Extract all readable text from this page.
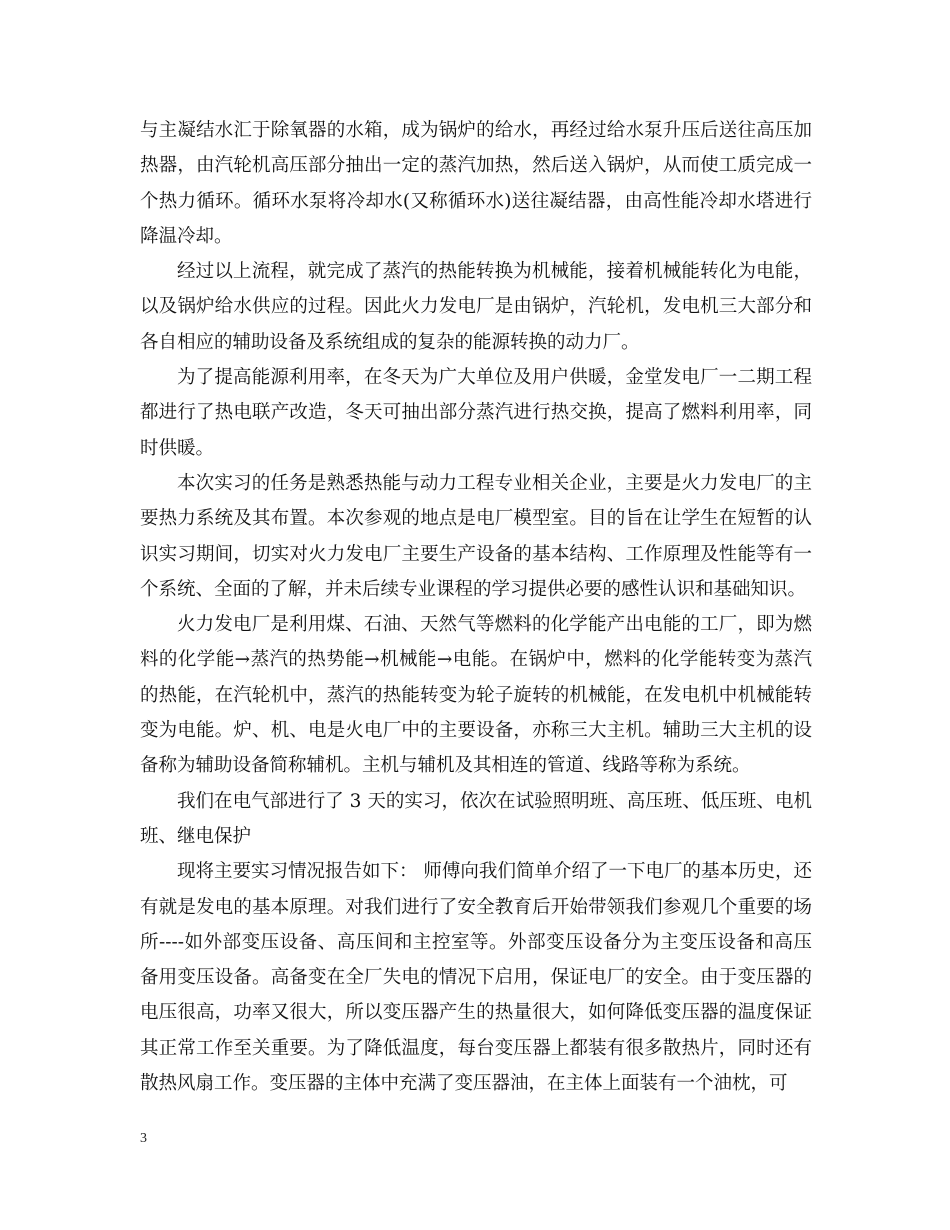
与主凝结水汇于除氧器的水箱，成为锅炉的给水，再经过给水泵升压后送往高压加热器，由汽轮机高压部分抽出一定的蒸汽加热，然后送入锅炉，从而使工质完成一个热力循环。循环水泵将冷却水(又称循环水)送往凝结器，由高性能冷却水塔进行降温冷却。

经过以上流程，就完成了蒸汽的热能转换为机械能，接着机械能转化为电能，以及锅炉给水供应的过程。因此火力发电厂是由锅炉，汽轮机，发电机三大部分和各自相应的辅助设备及系统组成的复杂的能源转换的动力厂。

为了提高能源利用率，在冬天为广大单位及用户供暖，金堂发电厂一二期工程都进行了热电联产改造，冬天可抽出部分蒸汽进行热交换，提高了燃料利用率，同时供暖。

本次实习的任务是熟悉热能与动力工程专业相关企业，主要是火力发电厂的主要热力系统及其布置。本次参观的地点是电厂模型室。目的旨在让学生在短暂的认识实习期间，切实对火力发电厂主要生产设备的基本结构、工作原理及性能等有一个系统、全面的了解，并未后续专业课程的学习提供必要的感性认识和基础知识。

火力发电厂是利用煤、石油、天然气等燃料的化学能产出电能的工厂，即为燃料的化学能→蒸汽的热势能→机械能→电能。在锅炉中，燃料的化学能转变为蒸汽的热能，在汽轮机中，蒸汽的热能转变为轮子旋转的机械能，在发电机中机械能转变为电能。炉、机、电是火电厂中的主要设备，亦称三大主机。辅助三大主机的设备称为辅助设备简称辅机。主机与辅机及其相连的管道、线路等称为系统。

我们在电气部进行了 3 天的实习，依次在试验照明班、高压班、低压班、电机班、继电保护

现将主要实习情况报告如下： 师傅向我们简单介绍了一下电厂的基本历史，还有就是发电的基本原理。对我们进行了安全教育后开始带领我们参观几个重要的场所----如外部变压设备、高压间和主控室等。外部变压设备分为主变压设备和高压备用变压设备。高备变在全厂失电的情况下启用，保证电厂的安全。由于变压器的电压很高，功率又很大，所以变压器产生的热量很大，如何降低变压器的温度保证其正常工作至关重要。为了降低温度，每台变压器上都装有很多散热片，同时还有散热风扇工作。变压器的主体中充满了变压器油，在主体上面装有一个油枕，可

3
